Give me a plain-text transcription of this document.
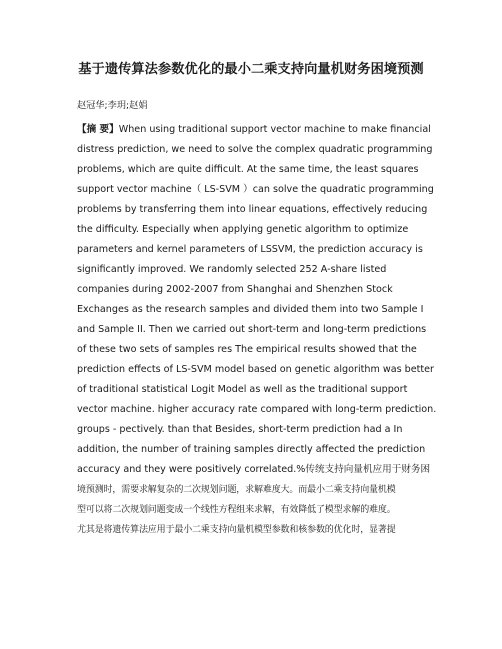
基于遗传算法参数优化的最小二乘支持向量机财务困境预测
赵冠华;李玥;赵娟
【摘 要】When using traditional support vector machine to make financial
distress prediction, we need to solve the complex quadratic programming
problems, which are quite difficult. At the same time, the least squares
support vector machine（ LS-SVM ）can solve the quadratic programming
problems by transferring them into linear equations, effectively reducing
the difficulty. Especially when applying genetic algorithm to optimize
parameters and kernel parameters of LSSVM, the prediction accuracy is
significantly improved. We randomly selected 252 A-share listed
companies during 2002-2007 from Shanghai and Shenzhen Stock
Exchanges as the research samples and divided them into two Sample I
and Sample II. Then we carried out short-term and long-term predictions
of these two sets of samples res The empirical results showed that the
prediction effects of LS-SVM model based on genetic algorithm was better
of traditional statistical Logit Model as well as the traditional support
vector machine. higher accuracy rate compared with long-term prediction.
groups - pectively. than that Besides, short-term prediction had a In
addition, the number of training samples directly affected the prediction
accuracy and they were positively correlated.%传统支持向量机应用于财务困
境预测时，需要求解复杂的二次规划问题，求解难度大。而最小二乘支持向量机模
型可以将二次规划问题变成一个线性方程组来求解，有效降低了模型求解的难度。
尤其是将遗传算法应用于最小二乘支持向量机模型参数和核参数的优化时，显著提
